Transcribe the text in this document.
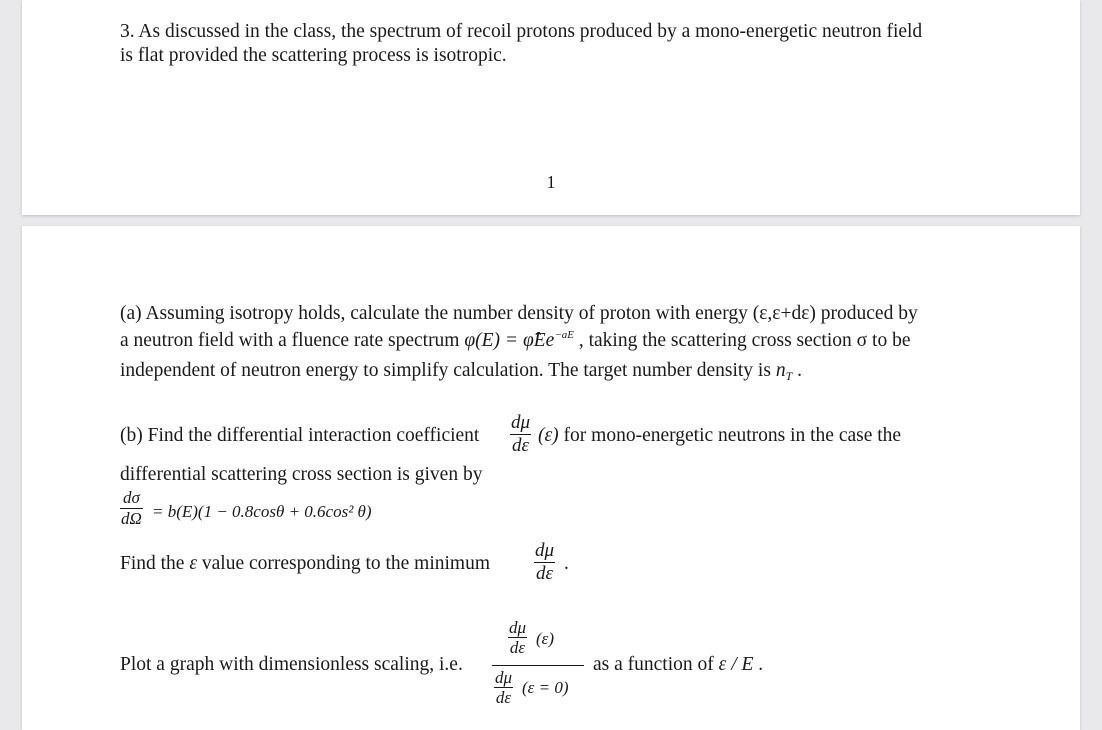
3. As discussed in the class, the spectrum of recoil protons produced by a mono-energetic neutron field
is flat provided the scattering process is isotropic.
1
(a) Assuming isotropy holds, calculate the number density of proton with energy (ε,ε+dε) produced by
a neutron field with a fluence rate spectrum $\varphi(E) = \varphîEe^{-aE}$ , taking the scattering cross section σ to be
independent of neutron energy to simplify calculation. The target number density is $n_T$ .
(b) Find the differential interaction coefficient
dμ
dε (ε) for mono-energetic neutrons in the case the
differential scattering cross section is given by
dσ
dΩ = b(E)(1 − 0.8cosθ + 0.6cos² θ)
Find the ε value corresponding to the minimum
dμ
dε .
Plot a graph with dimensionless scaling, i.e.
dμ
dε (ε)
dμ
dε
(ε = 0)
as a function of ε / E .
